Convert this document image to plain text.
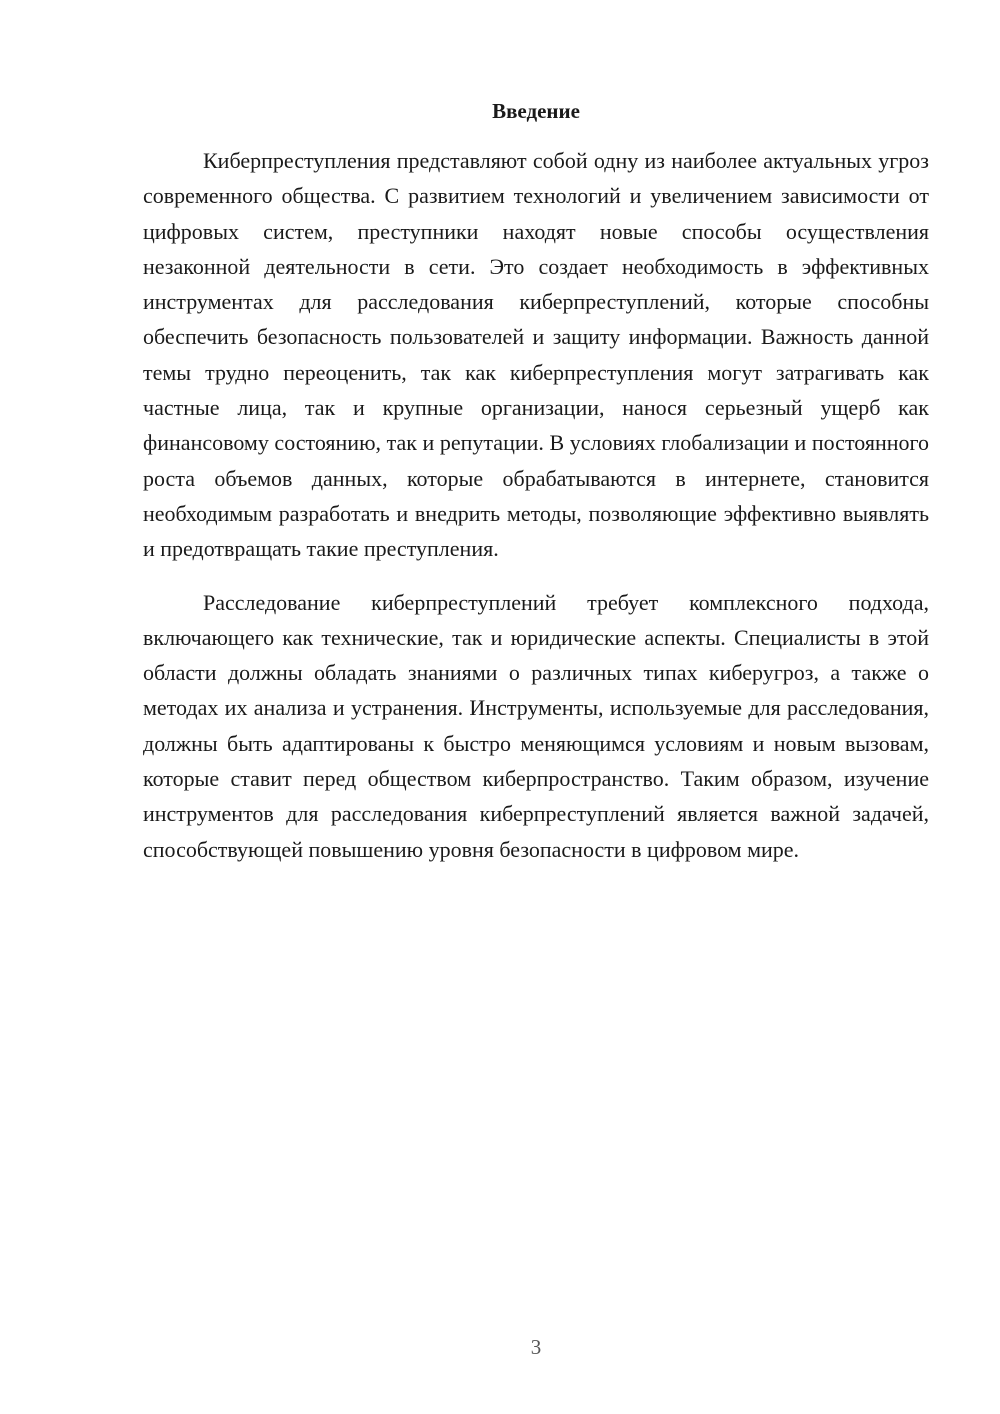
Введение

Киберпреступления представляют собой одну из наиболее актуальных угроз современного общества. С развитием технологий и увеличением зависимости от цифровых систем, преступники находят новые способы осуществления незаконной деятельности в сети. Это создает необходимость в эффективных инструментах для расследования киберпреступлений, которые способны обеспечить безопасность пользователей и защиту информации. Важность данной темы трудно переоценить, так как киберпреступления могут затрагивать как частные лица, так и крупные организации, нанося серьезный ущерб как финансовому состоянию, так и репутации. В условиях глобализации и постоянного роста объемов данных, которые обрабатываются в интернете, становится необходимым разработать и внедрить методы, позволяющие эффективно выявлять и предотвращать такие преступления.

Расследование киберпреступлений требует комплексного подхода, включающего как технические, так и юридические аспекты. Специалисты в этой области должны обладать знаниями о различных типах киберугроз, а также о методах их анализа и устранения. Инструменты, используемые для расследования, должны быть адаптированы к быстро меняющимся условиям и новым вызовам, которые ставит перед обществом киберпространство. Таким образом, изучение инструментов для расследования киберпреступлений является важной задачей, способствующей повышению уровня безопасности в цифровом мире.

3
